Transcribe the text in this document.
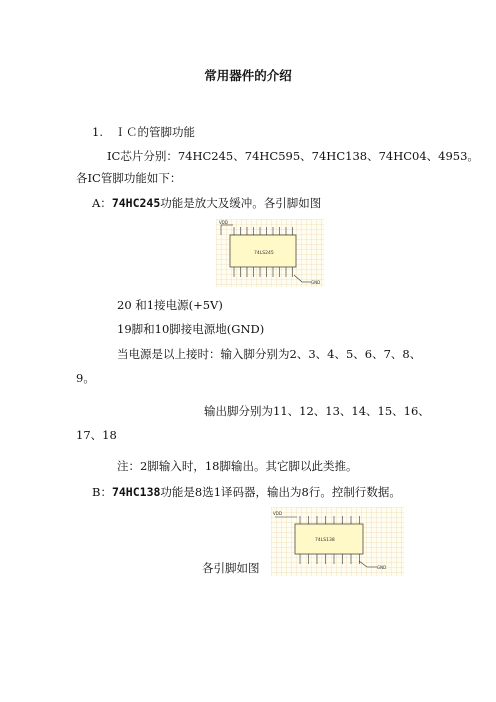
常用器件的介绍
1.　ＩＣ的管脚功能
IC芯片分别：74HC245、74HC595、74HC138、74HC04、4953。
各IC管脚功能如下：
A：74HC245功能是放大及缓冲。各引脚如图
VDD
GND
74LS245
20 和1接电源(+5V)
19脚和10脚接电源地(GND)
当电源是以上接时：输入脚分别为2、3、4、5、6、7、8、
9。
输出脚分别为11、12、13、14、15、16、
17、18
注：2脚输入时，18脚输出。其它脚以此类推。
B：74HC138功能是8选1译码器，输出为8行。控制行数据。
VDD
GND
74LS138
各引脚如图
